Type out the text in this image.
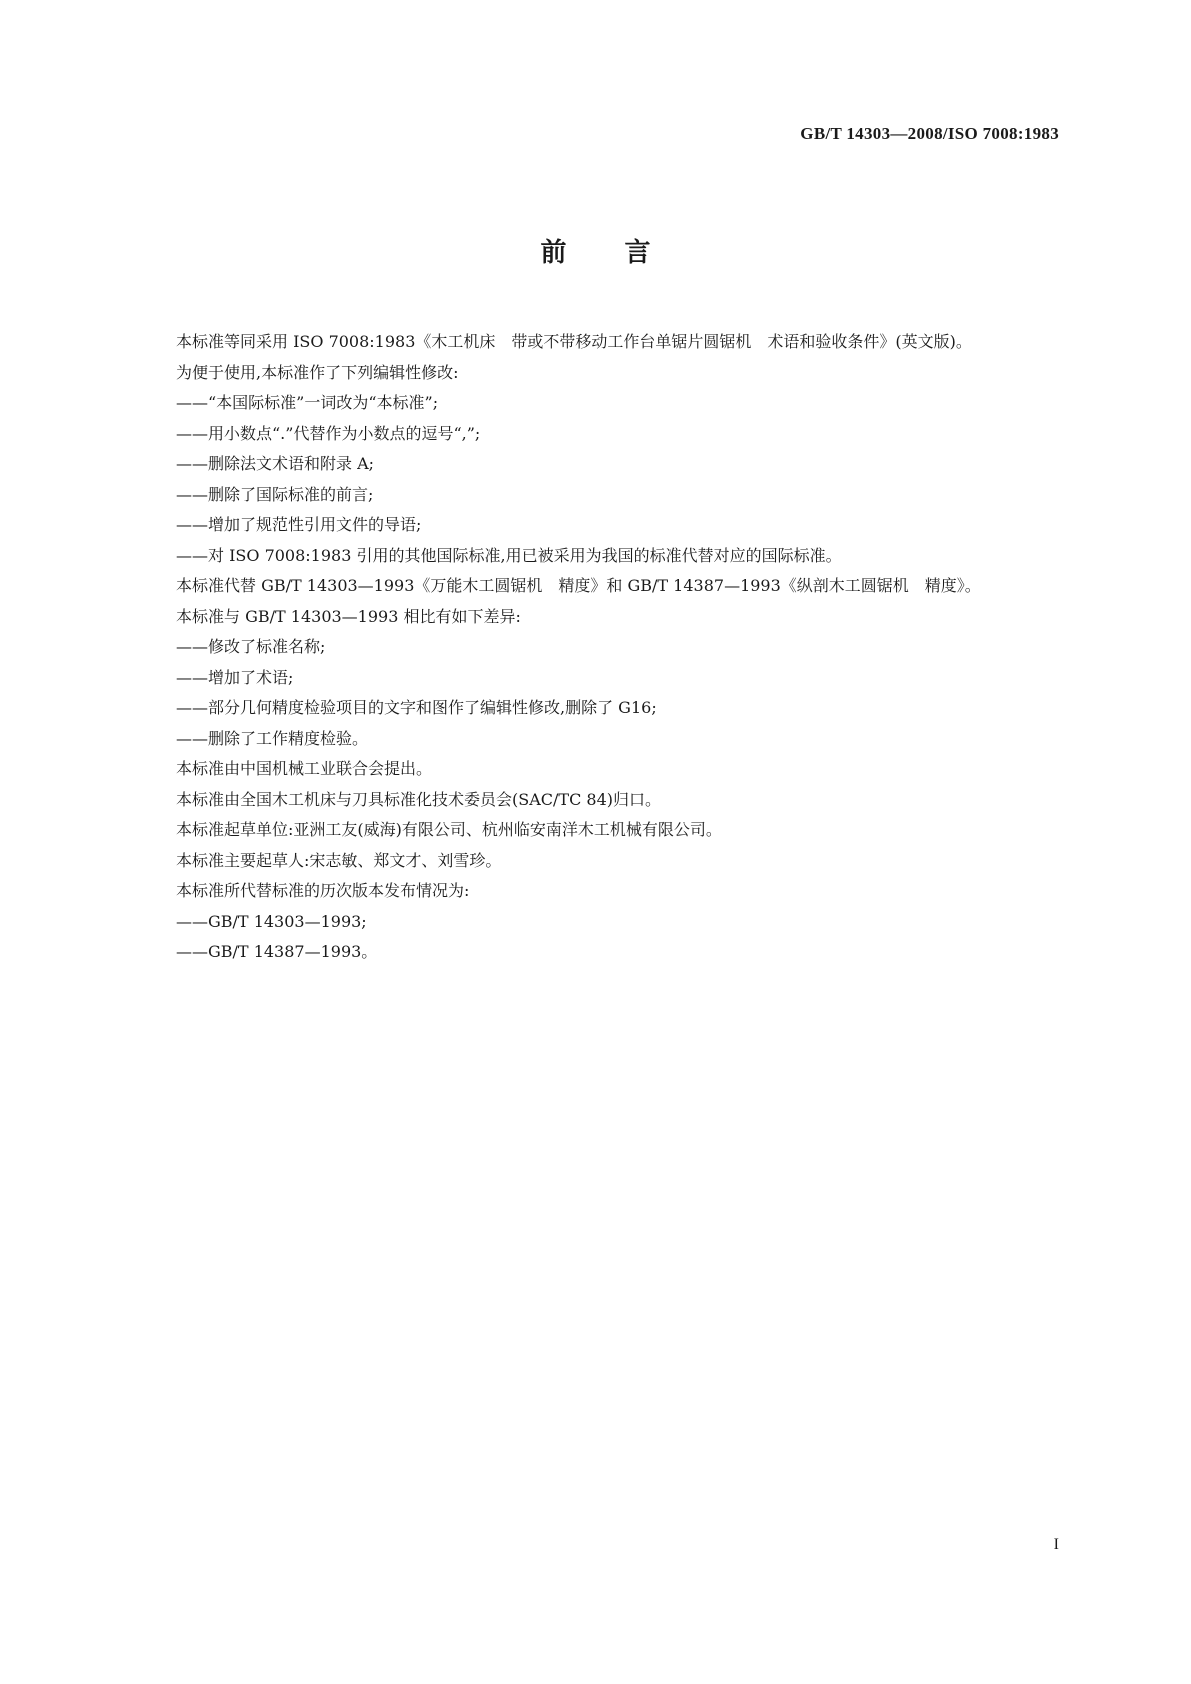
GB/T 14303—2008/ISO 7008:1983
前言

本标准等同采用 ISO 7008:1983《木工机床　带或不带移动工作台单锯片圆锯机　术语和验收条件》(英文版)。

为便于使用,本标准作了下列编辑性修改:

——“本国际标准”一词改为“本标准”;

——用小数点“.”代替作为小数点的逗号“,”;

——删除法文术语和附录 A;

——删除了国际标准的前言;

——增加了规范性引用文件的导语;

——对 ISO 7008:1983 引用的其他国际标准,用已被采用为我国的标准代替对应的国际标准。

本标准代替 GB/T 14303—1993《万能木工圆锯机　精度》和 GB/T 14387—1993《纵剖木工圆锯机　精度》。

本标准与 GB/T 14303—1993 相比有如下差异:

——修改了标准名称;

——增加了术语;

——部分几何精度检验项目的文字和图作了编辑性修改,删除了 G16;

——删除了工作精度检验。

本标准由中国机械工业联合会提出。

本标准由全国木工机床与刀具标准化技术委员会(SAC/TC 84)归口。

本标准起草单位:亚洲工友(威海)有限公司、杭州临安南洋木工机械有限公司。

本标准主要起草人:宋志敏、郑文才、刘雪珍。

本标准所代替标准的历次版本发布情况为:

——GB/T 14303—1993;

——GB/T 14387—1993。

I
